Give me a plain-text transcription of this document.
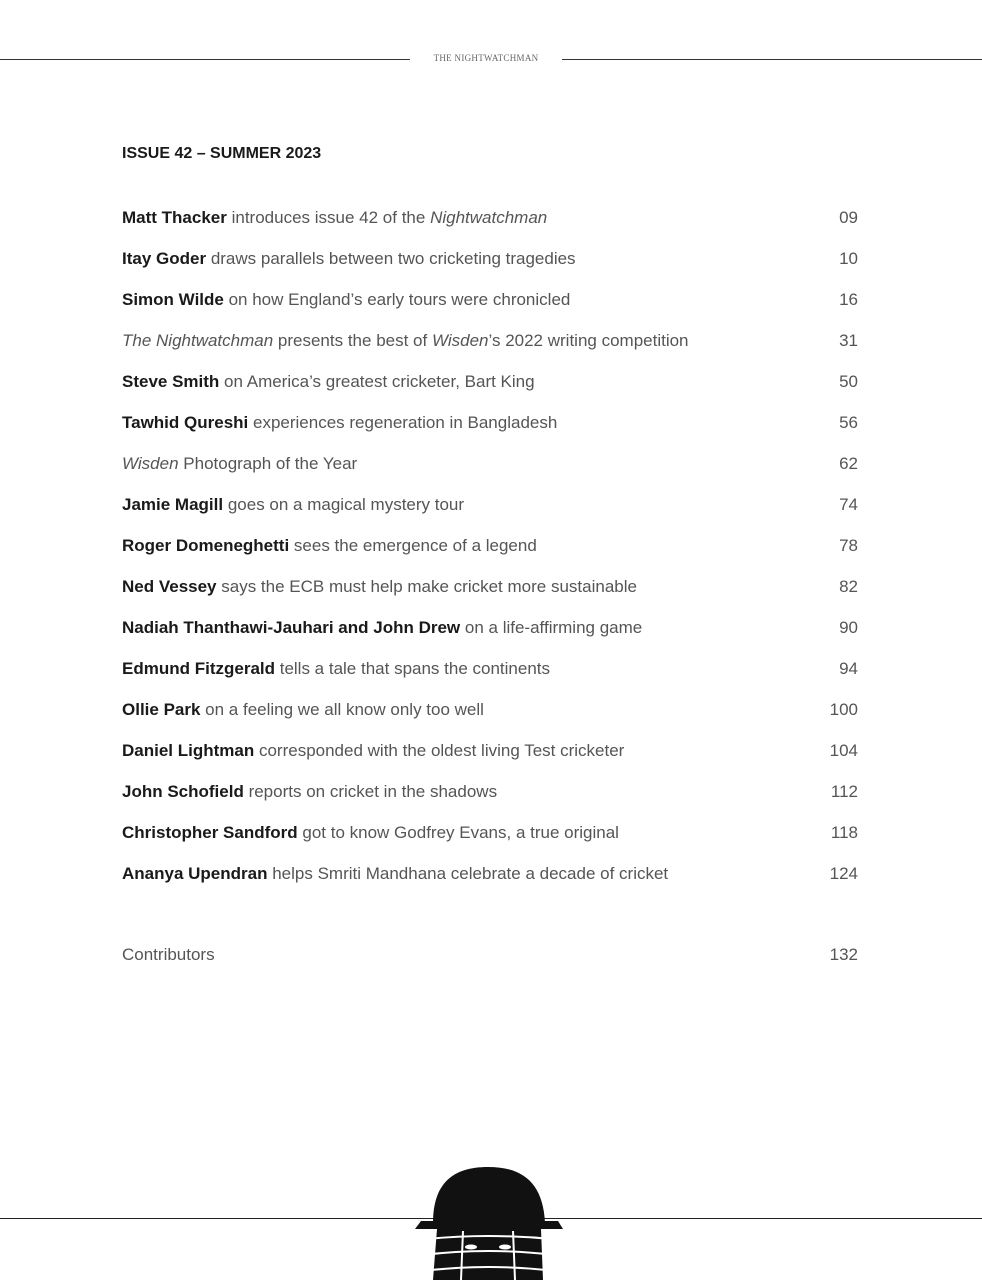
THE NIGHTWATCHMAN
ISSUE 42 – SUMMER 2023
Matt Thacker introduces issue 42 of the Nightwatchman	09
Itay Goder draws parallels between two cricketing tragedies	10
Simon Wilde on how England’s early tours were chronicled	16
The Nightwatchman presents the best of Wisden’s 2022 writing competition	31
Steve Smith on America’s greatest cricketer, Bart King	50
Tawhid Qureshi experiences regeneration in Bangladesh	56
Wisden Photograph of the Year	62
Jamie Magill goes on a magical mystery tour	74
Roger Domeneghetti sees the emergence of a legend	78
Ned Vessey says the ECB must help make cricket more sustainable	82
Nadiah Thanthawi-Jauhari and John Drew on a life-affirming game	90
Edmund Fitzgerald tells a tale that spans the continents	94
Ollie Park on a feeling we all know only too well	100
Daniel Lightman corresponded with the oldest living Test cricketer	104
John Schofield reports on cricket in the shadows	112
Christopher Sandford got to know Godfrey Evans, a true original	118
Ananya Upendran helps Smriti Mandhana celebrate a decade of cricket	124
Contributors	132
